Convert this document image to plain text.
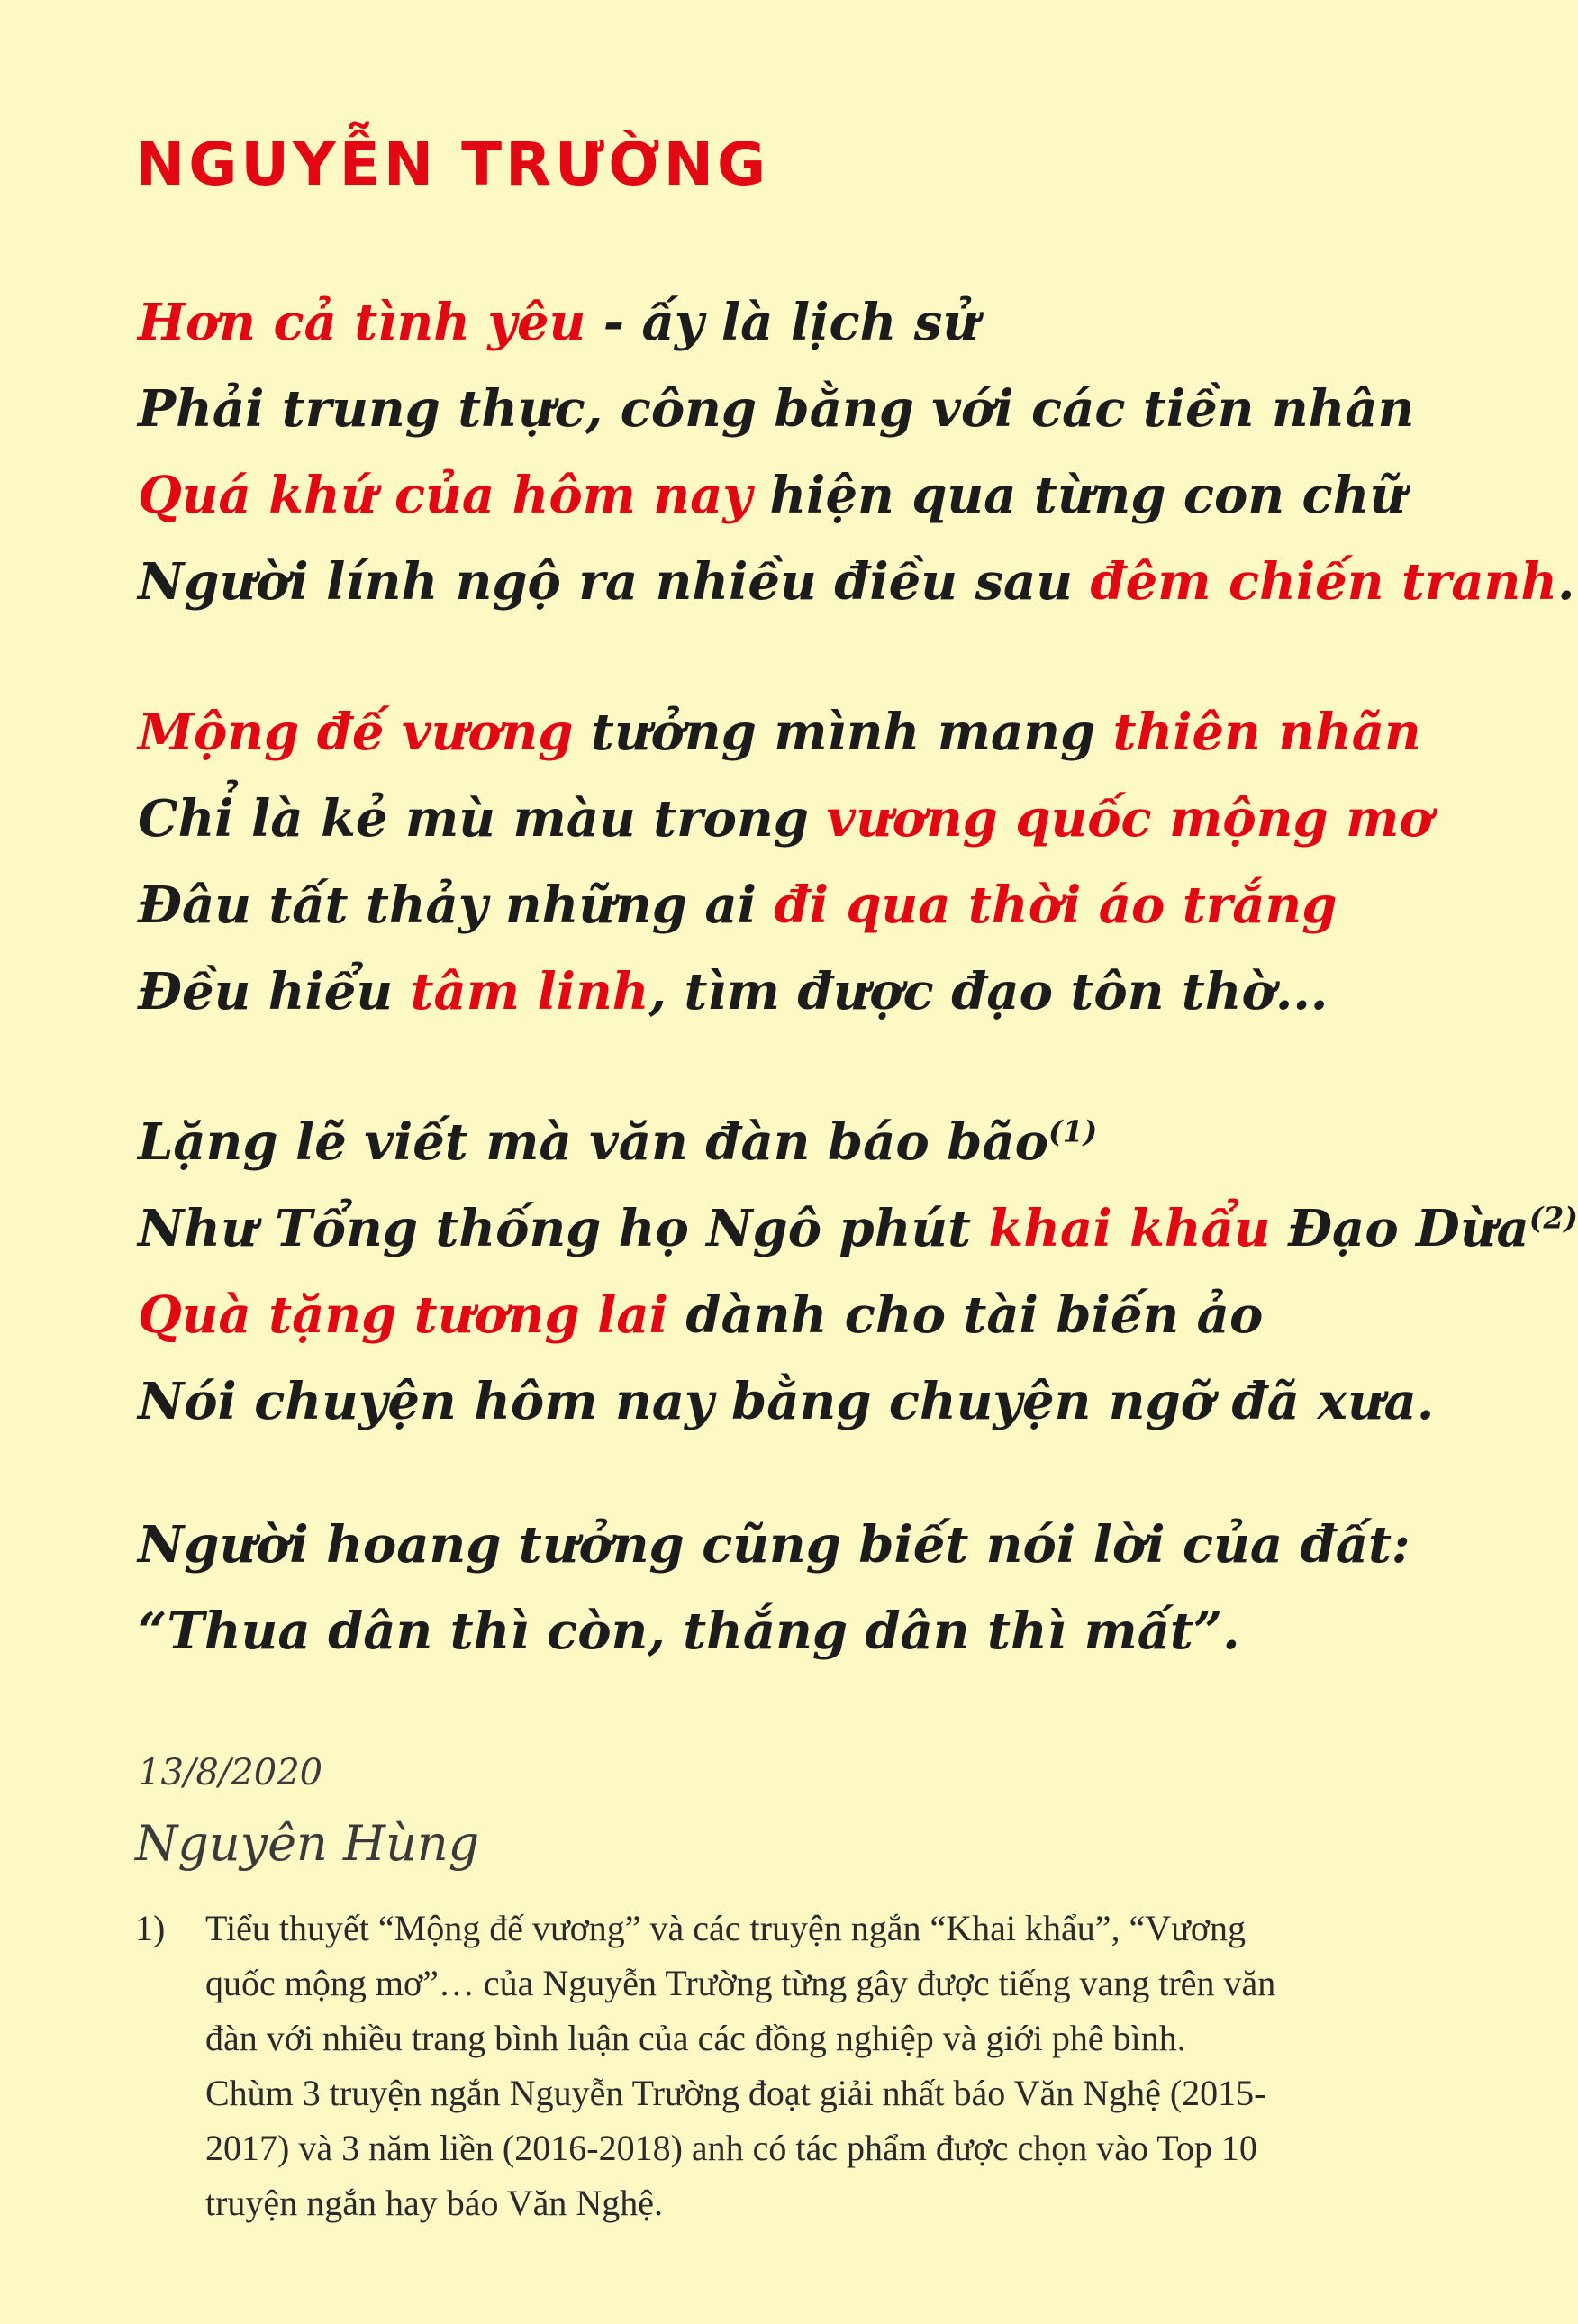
NGUYỄN TRƯỜNG
Hơn cả tình yêu - ấy là lịch sử
Phải trung thực, công bằng với các tiền nhân
Quá khứ của hôm nay hiện qua từng con chữ
Người lính ngộ ra nhiều điều sau đêm chiến tranh.
Mộng đế vương tưởng mình mang thiên nhãn
Chỉ là kẻ mù màu trong vương quốc mộng mơ
Đâu tất thảy những ai đi qua thời áo trắng
Đều hiểu tâm linh, tìm được đạo tôn thờ...
Lặng lẽ viết mà văn đàn báo bão$^{(1)}$
Như Tổng thống họ Ngô phút khai khẩu Đạo Dừa$^{(2)}$
Quà tặng tương lai dành cho tài biến ảo
Nói chuyện hôm nay bằng chuyện ngỡ đã xưa.
Người hoang tưởng cũng biết nói lời của đất:
“Thua dân thì còn, thắng dân thì mất”.
13/8/2020
Nguyên Hùng
1) Tiểu thuyết “Mộng đế vương” và các truyện ngắn “Khai khẩu”, “Vương
quốc mộng mơ”… của Nguyễn Trường từng gây được tiếng vang trên văn
đàn với nhiều trang bình luận của các đồng nghiệp và giới phê bình.
Chùm 3 truyện ngắn Nguyễn Trường đoạt giải nhất báo Văn Nghệ (2015-
2017) và 3 năm liền (2016-2018) anh có tác phẩm được chọn vào Top 10
truyện ngắn hay báo Văn Nghệ.
